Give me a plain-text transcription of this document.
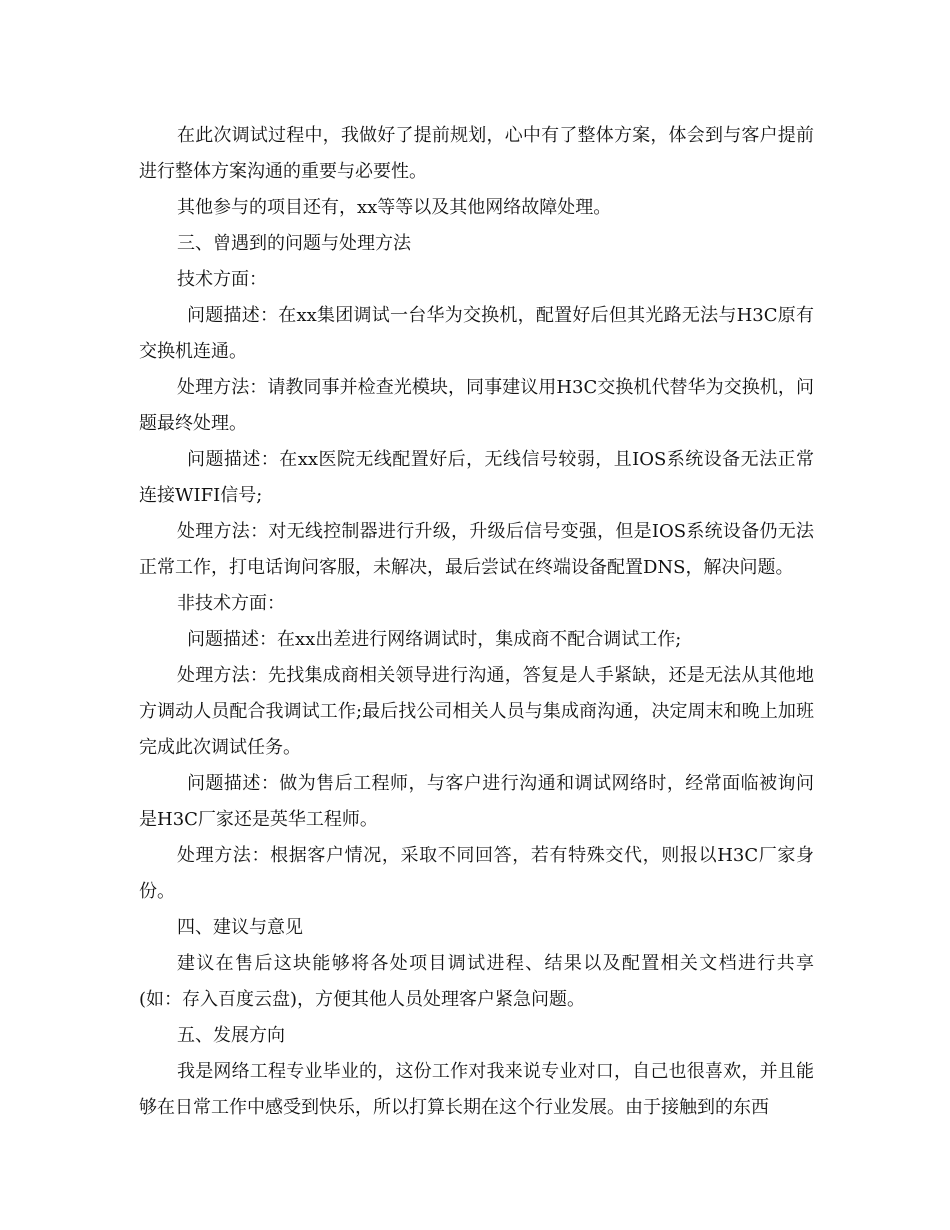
在此次调试过程中，我做好了提前规划，心中有了整体方案，体会到与客户提前进行整体方案沟通的重要与必要性。

其他参与的项目还有，xx等等以及其他网络故障处理。

三、曾遇到的问题与处理方法

技术方面：

问题描述：在xx集团调试一台华为交换机，配置好后但其光路无法与H3C原有交换机连通。

处理方法：请教同事并检查光模块，同事建议用H3C交换机代替华为交换机，问题最终处理。

问题描述：在xx医院无线配置好后，无线信号较弱，且IOS系统设备无法正常连接WIFI信号;

处理方法：对无线控制器进行升级，升级后信号变强，但是IOS系统设备仍无法正常工作，打电话询问客服，未解决，最后尝试在终端设备配置DNS，解决问题。

非技术方面：

问题描述：在xx出差进行网络调试时，集成商不配合调试工作;

处理方法：先找集成商相关领导进行沟通，答复是人手紧缺，还是无法从其他地方调动人员配合我调试工作;最后找公司相关人员与集成商沟通，决定周末和晚上加班完成此次调试任务。

问题描述：做为售后工程师，与客户进行沟通和调试网络时，经常面临被询问是H3C厂家还是英华工程师。

处理方法：根据客户情况，采取不同回答，若有特殊交代，则报以H3C厂家身份。

四、建议与意见

建议在售后这块能够将各处项目调试进程、结果以及配置相关文档进行共享(如：存入百度云盘)，方便其他人员处理客户紧急问题。

五、发展方向

我是网络工程专业毕业的，这份工作对我来说专业对口，自己也很喜欢，并且能够在日常工作中感受到快乐，所以打算长期在这个行业发展。由于接触到的东西
